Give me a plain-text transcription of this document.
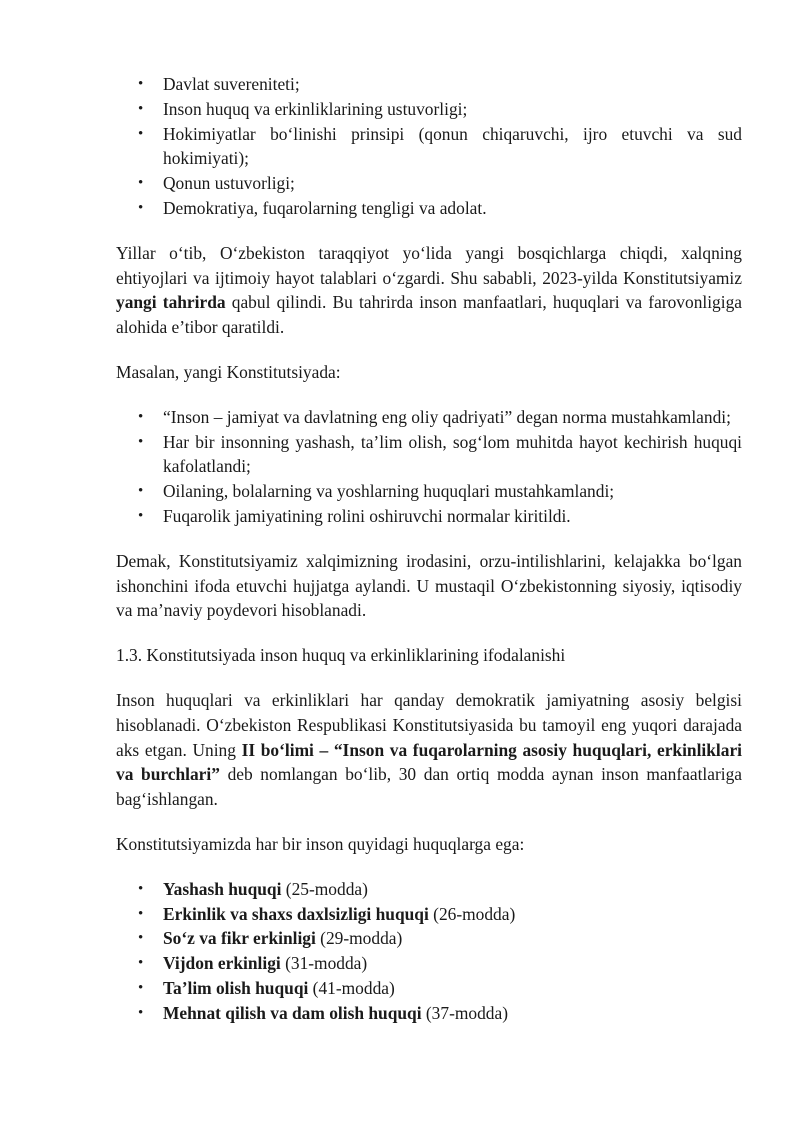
• Davlat suvereniteti;
• Inson huquq va erkinliklarining ustuvorligi;
• Hokimiyatlar bo‘linishi prinsipi (qonun chiqaruvchi, ijro etuvchi va sud hokimiyati);
• Qonun ustuvorligi;
• Demokratiya, fuqarolarning tengligi va adolat.

Yillar o‘tib, O‘zbekiston taraqqiyot yo‘lida yangi bosqichlarga chiqdi, xalqning ehtiyojlari va ijtimoiy hayot talablari o‘zgardi. Shu sababli, 2023-yilda Konstitutsiyamiz yangi tahrirda qabul qilindi. Bu tahrirda inson manfaatlari, huquqlari va farovonligiga alohida e’tibor qaratildi.

Masalan, yangi Konstitutsiyada:

• “Inson – jamiyat va davlatning eng oliy qadriyati” degan norma mustahkamlandi;
• Har bir insonning yashash, ta’lim olish, sog‘lom muhitda hayot kechirish huquqi kafolatlandi;
• Oilaning, bolalarning va yoshlarning huquqlari mustahkamlandi;
• Fuqarolik jamiyatining rolini oshiruvchi normalar kiritildi.

Demak, Konstitutsiyamiz xalqimizning irodasini, orzu-intilishlarini, kelajakka bo‘lgan ishonchini ifoda etuvchi hujjatga aylandi. U mustaqil O‘zbekistonning siyosiy, iqtisodiy va ma’naviy poydevori hisoblanadi.

1.3. Konstitutsiyada inson huquq va erkinliklarining ifodalanishi

Inson huquqlari va erkinliklari har qanday demokratik jamiyatning asosiy belgisi hisoblanadi. O‘zbekiston Respublikasi Konstitutsiyasida bu tamoyil eng yuqori darajada aks etgan. Uning II bo‘limi – “Inson va fuqarolarning asosiy huquqlari, erkinliklari va burchlari” deb nomlangan bo‘lib, 30 dan ortiq modda aynan inson manfaatlariga bag‘ishlangan.

Konstitutsiyamizda har bir inson quyidagi huquqlarga ega:

• Yashash huquqi (25-modda)
• Erkinlik va shaxs daxlsizligi huquqi (26-modda)
• So‘z va fikr erkinligi (29-modda)
• Vijdon erkinligi (31-modda)
• Ta’lim olish huquqi (41-modda)
• Mehnat qilish va dam olish huquqi (37-modda)
